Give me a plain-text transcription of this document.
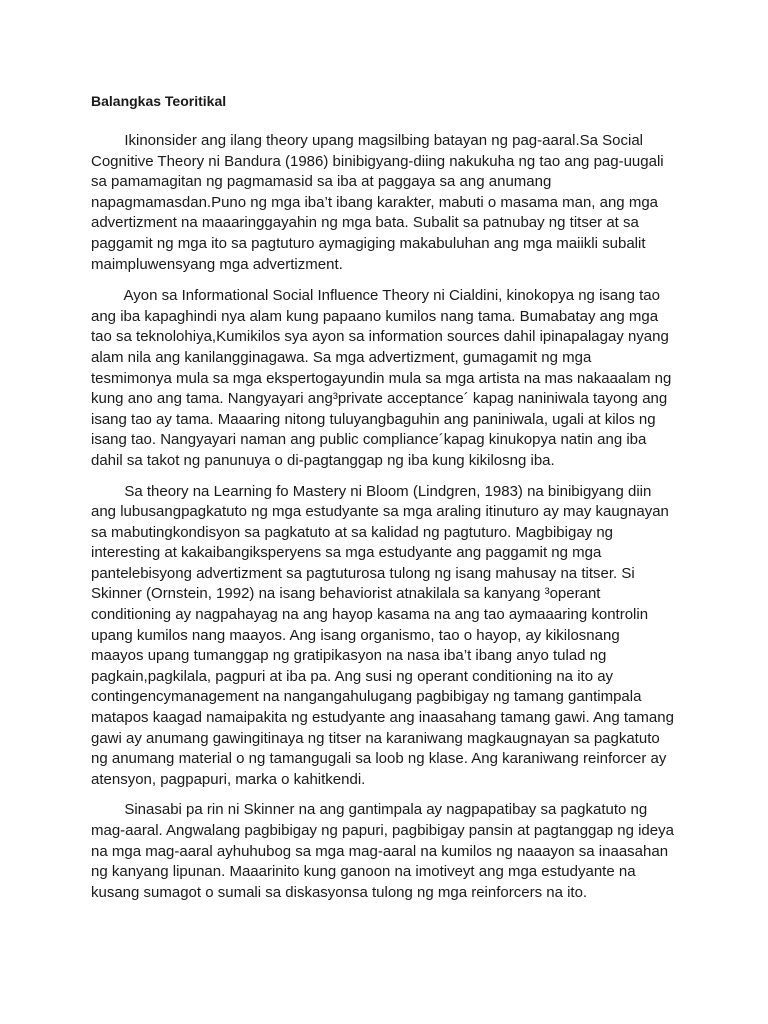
Balangkas Teoritikal
Ikinonsider ang ilang theory upang magsilbing batayan ng pag-aaral.Sa Social
Cognitive Theory ni Bandura (1986) binibigyang-diing nakukuha ng tao ang pag-uugali
sa pamamagitan ng pagmamasid sa iba at paggaya sa ang anumang
napagmamasdan.Puno ng mga iba’t ibang karakter, mabuti o masama man, ang mga
advertizment na maaaringgayahin ng mga bata. Subalit sa patnubay ng titser at sa
paggamit ng mga ito sa pagtuturo aymagiging makabuluhan ang mga maiikli subalit
maimpluwensyang mga advertizment.
Ayon sa Informational Social Influence Theory ni Cialdini, kinokopya ng isang tao
ang iba kapaghindi nya alam kung papaano kumilos nang tama. Bumabatay ang mga
tao sa teknolohiya,Kumikilos sya ayon sa information sources dahil ipinapalagay nyang
alam nila ang kanilangginagawa. Sa mga advertizment, gumagamit ng mga
tesmimonya mula sa mga ekspertogayundin mula sa mga artista na mas nakaaalam ng
kung ano ang tama. Nangyayari ang³private acceptance´ kapag naniniwala tayong ang
isang tao ay tama. Maaaring nitong tuluyangbaguhin ang paniniwala, ugali at kilos ng
isang tao. Nangyayari naman ang public compliance´kapag kinukopya natin ang iba
dahil sa takot ng panunuya o di-pagtanggap ng iba kung kikilosng iba.
Sa theory na Learning fo Mastery ni Bloom (Lindgren, 1983) na binibigyang diin
ang lubusangpagkatuto ng mga estudyante sa mga araling itinuturo ay may kaugnayan
sa mabutingkondisyon sa pagkatuto at sa kalidad ng pagtuturo. Magbibigay ng
interesting at kakaibangiksperyens sa mga estudyante ang paggamit ng mga
pantelebisyong advertizment sa pagtuturosa tulong ng isang mahusay na titser. Si
Skinner (Ornstein, 1992) na isang behaviorist atnakilala sa kanyang ³operant
conditioning ay nagpahayag na ang hayop kasama na ang tao aymaaaring kontrolin
upang kumilos nang maayos. Ang isang organismo, tao o hayop, ay kikilosnang
maayos upang tumanggap ng gratipikasyon na nasa iba’t ibang anyo tulad ng
pagkain,pagkilala, pagpuri at iba pa. Ang susi ng operant conditioning na ito ay
contingencymanagement na nangangahulugang pagbibigay ng tamang gantimpala
matapos kaagad namaipakita ng estudyante ang inaasahang tamang gawi. Ang tamang
gawi ay anumang gawingitinaya ng titser na karaniwang magkaugnayan sa pagkatuto
ng anumang material o ng tamangugali sa loob ng klase. Ang karaniwang reinforcer ay
atensyon, pagpapuri, marka o kahitkendi.
Sinasabi pa rin ni Skinner na ang gantimpala ay nagpapatibay sa pagkatuto ng
mag-aaral. Angwalang pagbibigay ng papuri, pagbibigay pansin at pagtanggap ng ideya
na mga mag-aaral ayhuhubog sa mga mag-aaral na kumilos ng naaayon sa inaasahan
ng kanyang lipunan. Maaarinito kung ganoon na imotiveyt ang mga estudyante na
kusang sumagot o sumali sa diskasyonsa tulong ng mga reinforcers na ito.
